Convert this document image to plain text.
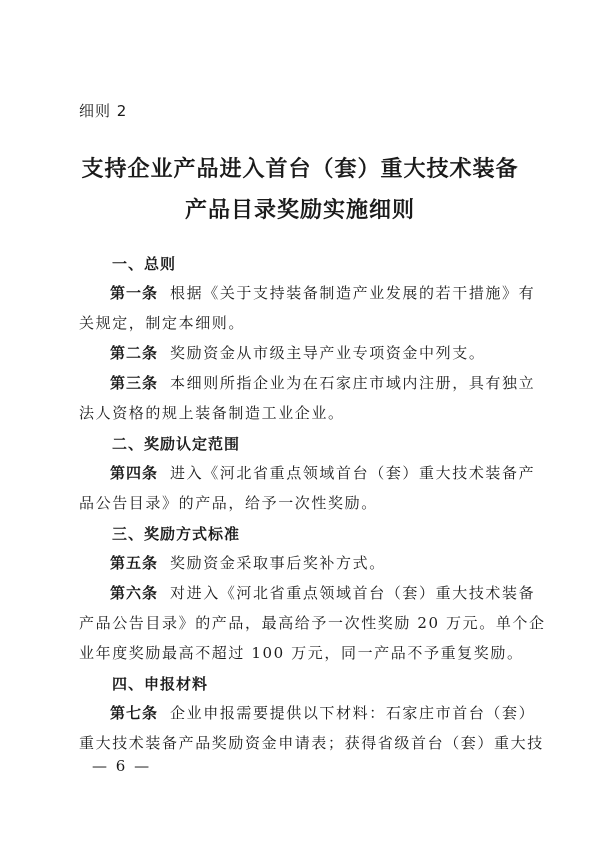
细则 2
支持企业产品进入首台（套）重大技术装备
产品目录奖励实施细则
一、总则
第一条 根据《关于支持装备制造产业发展的若干措施》有
关规定，制定本细则。
第二条 奖励资金从市级主导产业专项资金中列支。
第三条 本细则所指企业为在石家庄市域内注册，具有独立
法人资格的规上装备制造工业企业。
二、奖励认定范围
第四条 进入《河北省重点领域首台（套）重大技术装备产
品公告目录》的产品，给予一次性奖励。
三、奖励方式标准
第五条 奖励资金采取事后奖补方式。
第六条 对进入《河北省重点领域首台（套）重大技术装备
产品公告目录》的产品，最高给予一次性奖励 20 万元。单个企
业年度奖励最高不超过 100 万元，同一产品不予重复奖励。
四、申报材料
第七条 企业申报需要提供以下材料：石家庄市首台（套）
重大技术装备产品奖励资金申请表；获得省级首台（套）重大技
— 6 —
